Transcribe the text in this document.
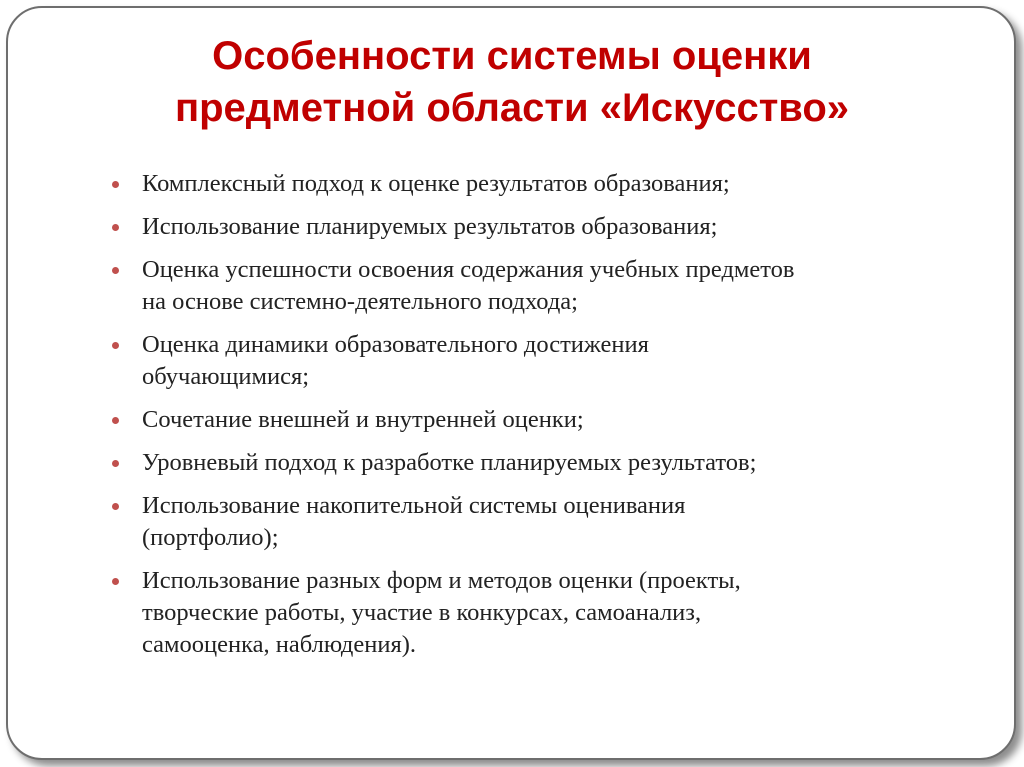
Особенности системы оценки
предметной области «Искусство»
Комплексный подход к оценке результатов образования;
Использование планируемых результатов образования;
Оценка успешности освоения содержания учебных предметов
на основе системно-деятельного подхода;
Оценка динамики образовательного достижения
обучающимися;
Сочетание внешней и внутренней оценки;
Уровневый подход к разработке планируемых результатов;
Использование накопительной системы оценивания
(портфолио);
Использование разных форм и методов оценки (проекты,
творческие работы, участие в конкурсах, самоанализ,
самооценка, наблюдения).
